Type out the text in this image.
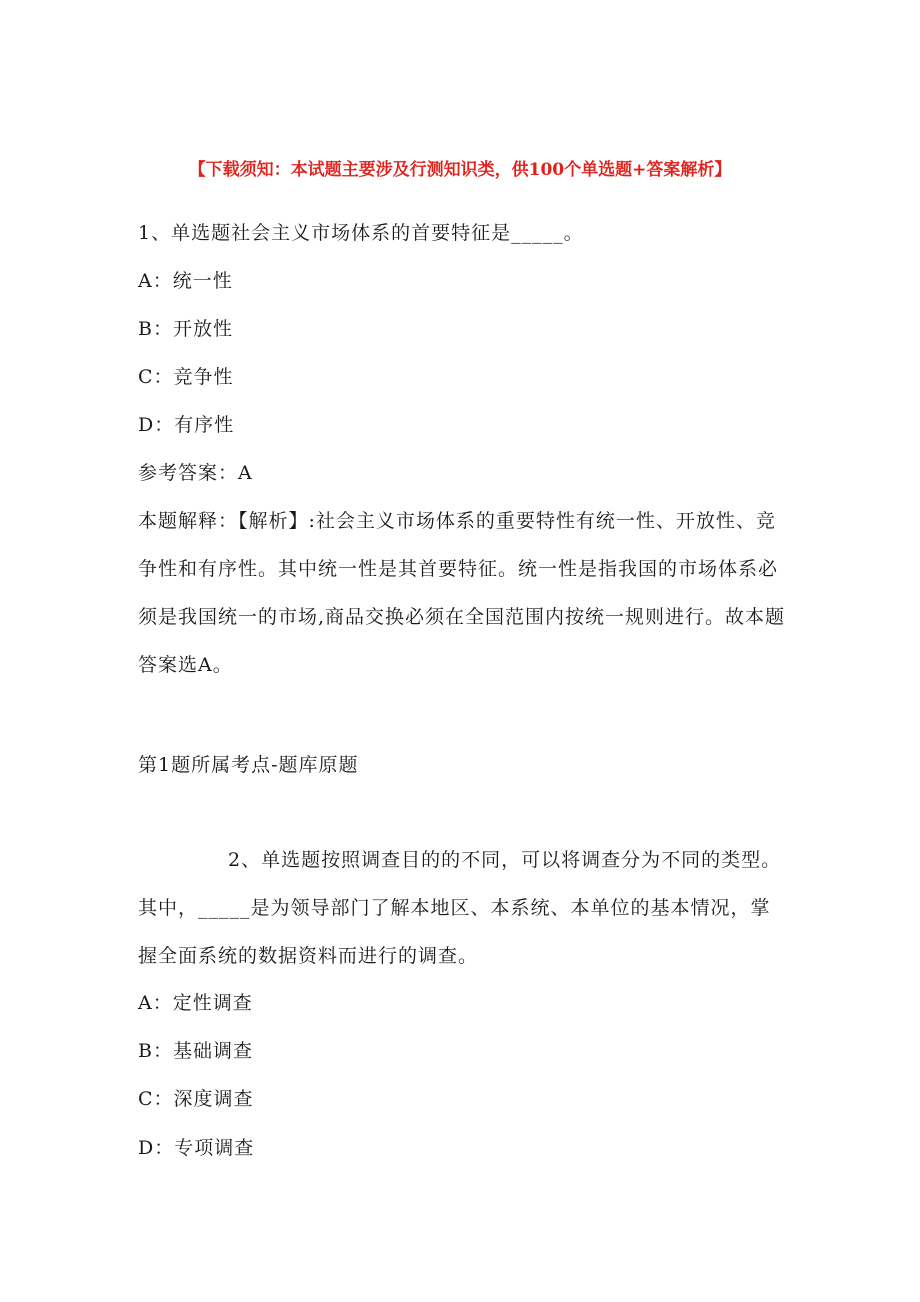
【下载须知：本试题主要涉及行测知识类，供100个单选题+答案解析】
1、单选题社会主义市场体系的首要特征是_____。
A：统一性
B：开放性
C：竞争性
D：有序性
参考答案：A
本题解释：【解析】:社会主义市场体系的重要特性有统一性、开放性、竞争性和有序性。其中统一性是其首要特征。统一性是指我国的市场体系必须是我国统一的市场,商品交换必须在全国范围内按统一规则进行。故本题答案选A。
第1题所属考点-题库原题
2、单选题按照调查目的的不同，可以将调查分为不同的类型。其中，_____是为领导部门了解本地区、本系统、本单位的基本情况，掌握全面系统的数据资料而进行的调查。
A：定性调查
B：基础调查
C：深度调查
D：专项调查
